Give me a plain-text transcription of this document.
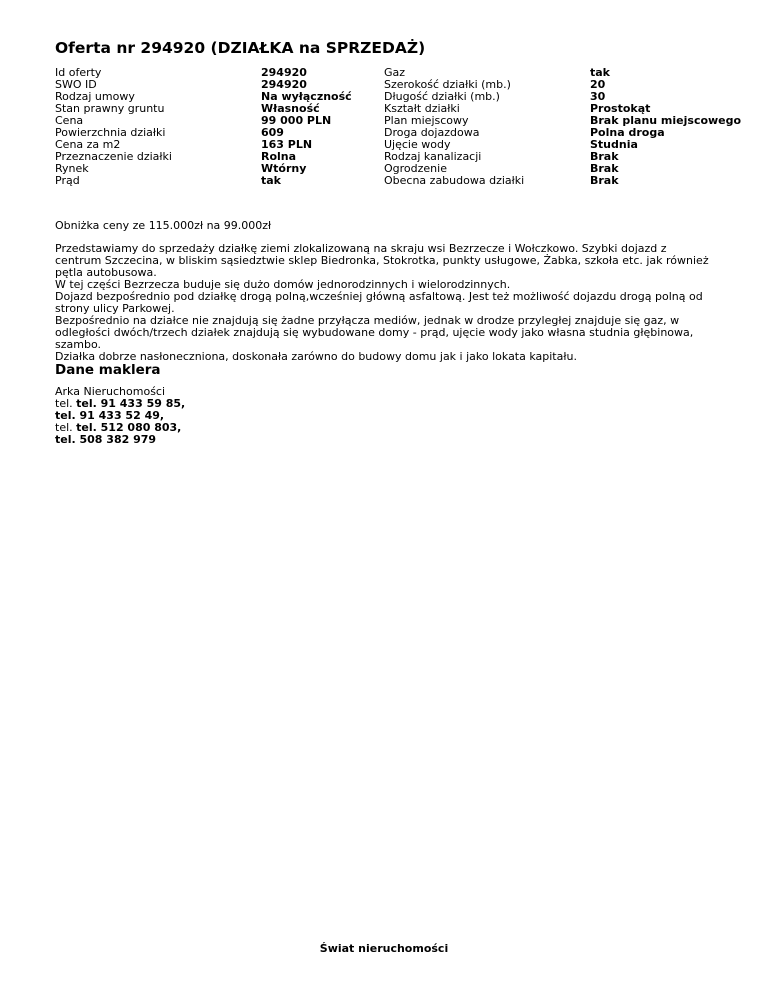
Oferta nr 294920 (DZIAŁKA na SPRZEDAŻ)
Id oferty
SWO ID
Rodzaj umowy
Stan prawny gruntu
Cena
Powierzchnia działki
Cena za m2
Przeznaczenie działki
Rynek
Prąd
294920
294920
Na wyłączność
Własność
99 000 PLN
609
163 PLN
Rolna
Wtórny
tak
Gaz
Szerokość działki (mb.)
Długość działki (mb.)
Kształt działki
Plan miejscowy
Droga dojazdowa
Ujęcie wody
Rodzaj kanalizacji
Ogrodzenie
Obecna zabudowa działki
tak
20
30
Prostokąt
Brak planu miejscowego
Polna droga
Studnia
Brak
Brak
Brak
Obniżka ceny ze 115.000zł na 99.000zł
Przedstawiamy do sprzedaży działkę ziemi zlokalizowaną na skraju wsi Bezrzecze i Wołczkowo. Szybki dojazd z centrum Szczecina, w bliskim sąsiedztwie sklep Biedronka, Stokrotka, punkty usługowe, Żabka, szkoła etc. jak również pętla autobusowa.
W tej części Bezrzecza buduje się dużo domów jednorodzinnych i wielorodzinnych.
Dojazd bezpośrednio pod działkę drogą polną,wcześniej główną asfaltową. Jest też możliwość dojazdu drogą polną od strony ulicy Parkowej.
Bezpośrednio na działce nie znajdują się żadne przyłącza mediów, jednak w drodze przyległej znajduje się gaz, w odległości dwóch/trzech działek znajdują się wybudowane domy - prąd, ujęcie wody jako własna studnia głębinowa, szambo.
Działka dobrze nasłoneczniona, doskonała zarówno do budowy domu jak i jako lokata kapitału.
Dane maklera
Arka Nieruchomości
tel. tel. 91 433 59 85,
tel. 91 433 52 49,
tel. tel. 512 080 803,
tel. 508 382 979
Świat nieruchomości
